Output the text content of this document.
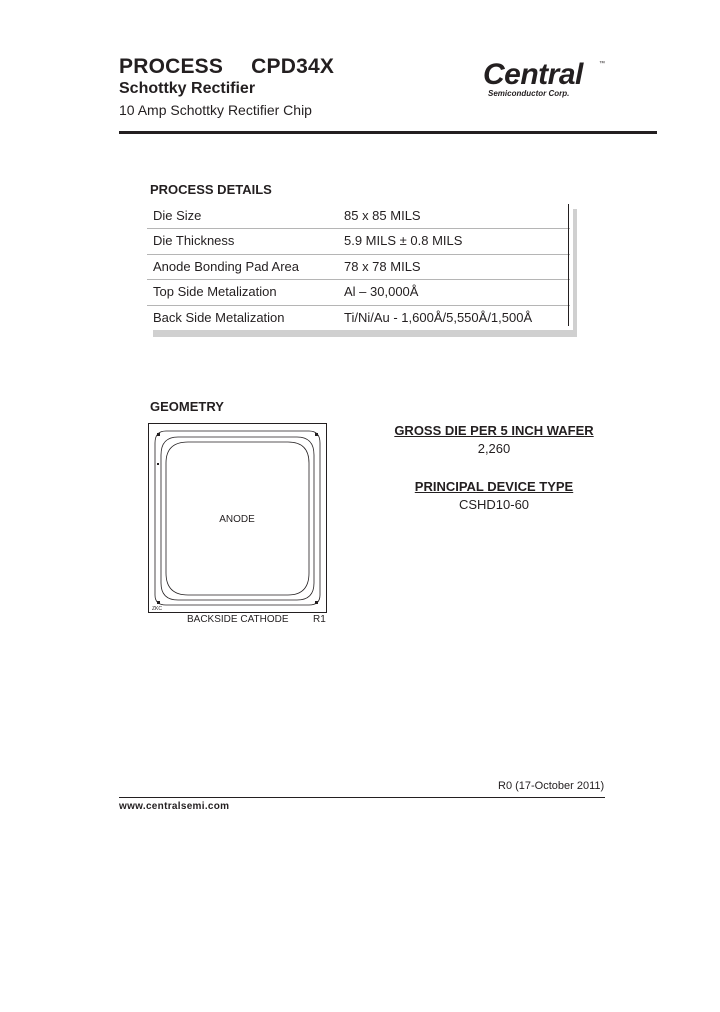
PROCESS CPD34X
Schottky Rectifier
10 Amp Schottky Rectifier Chip
Central	™
Semiconductor Corp.
PROCESS DETAILS
Die Size	85 x 85 MILS
Die Thickness	5.9 MILS ± 0.8 MILS
Anode Bonding Pad Area	78 x 78 MILS
Top Side Metalization	Al – 30,000Å
Back Side Metalization	Ti/Ni/Au - 1,600Å/5,550Å/1,500Å
GEOMETRY
ANODE
ZKC
BACKSIDE CATHODE R1
GROSS DIE PER 5 INCH WAFER
2,260
PRINCIPAL DEVICE TYPE
CSHD10-60
R0 (17-October 2011)
www.centralsemi.com
